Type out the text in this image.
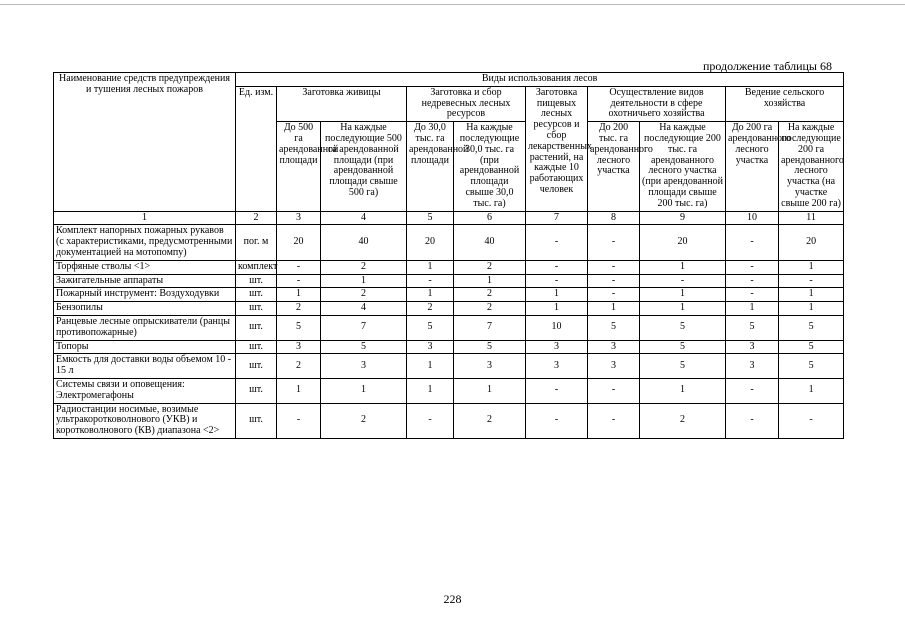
продолжение таблицы 68
Наименование средств предупреждения и тушения лесных пожаров	Виды использования лесов									
	Ед. изм.	Заготовка живицы		Заготовка и сбор недревесных лесных ресурсов		Заготовка пищевых лесных ресурсов и сбор лекарственных растений, на каждые 10 работающих человек	Осуществление видов деятельности в сфере охотничьего хозяйства		Ведение сельского хозяйства	
		До 500 га арендованной площади	На каждые последующие 500 га арендованной площади (при арендованной площади свыше 500 га)	До 30,0 тыс. га арендованной площади	На каждые последующие 30,0 тыс. га (при арендованной площади свыше 30,0 тыс. га)		До 200 тыс. га арендованного лесного участка	На каждые последующие 200 тыс. га арендованного лесного участка (при арендованной площади свыше 200 тыс. га)	До 200 га арендованного лесного участка	На каждые последующие 200 га арендованного лесного участка (на участке свыше 200 га)
1	2	3	4	5	6	7	8	9	10	11
Комплект напорных пожарных рукавов (с характеристиками, предусмотренными документацией на мотопомпу)	пог. м	20	40	20	40	-	-	20	-	20
Торфяные стволы <1>	комплект	-	2	1	2	-	-	1	-	1
Зажигательные аппараты	шт.	-	1	-	1	-	-	-	-	-
Пожарный инструмент: Воздуходувки	шт.	1	2	1	2	1	-	1	-	1
Бензопилы	шт.	2	4	2	2	1	1	1	1	1
Ранцевые лесные опрыскиватели (ранцы противопожарные)	шт.	5	7	5	7	10	5	5	5	5
Топоры	шт.	3	5	3	5	3	3	5	3	5
Емкость для доставки воды объемом 10 - 15 л	шт.	2	3	1	3	3	3	5	3	5
Системы связи и оповещения: Электромегафоны	шт.	1	1	1	1	-	-	1	-	1
Радиостанции носимые, возимые ультракоротковолнового (УКВ) и коротковолнового (КВ) диапазона <2>	шт.	-	2	-	2	-	-	2	-	-
228
